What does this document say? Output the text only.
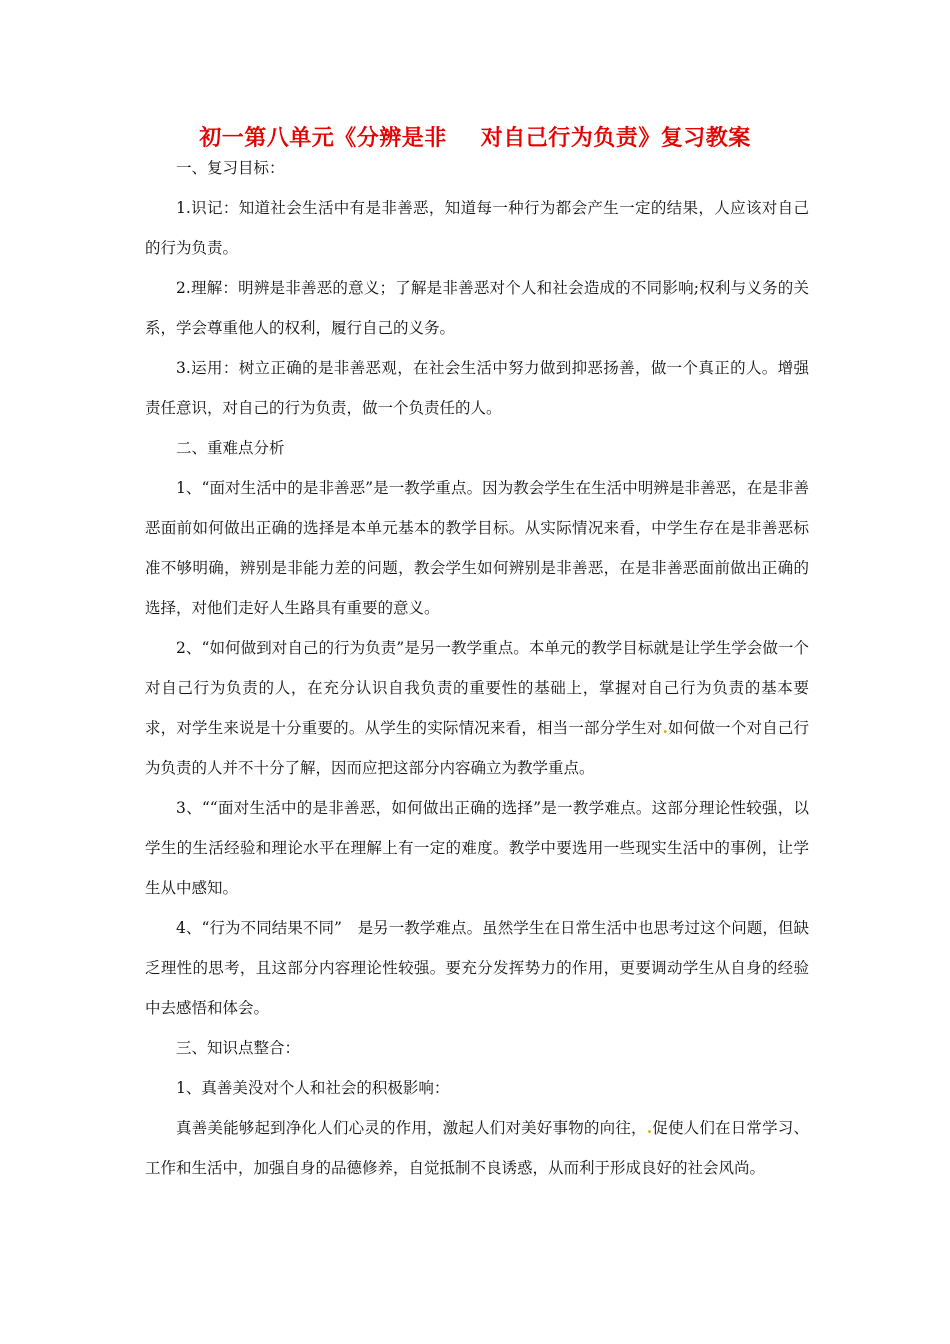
初一第八单元《分辨是非 对自己行为负责》复习教案

一、复习目标：

1.识记：知道社会生活中有是非善恶，知道每一种行为都会产生一定的结果，人应该对自己的行为负责。

2.理解：明辨是非善恶的意义；了解是非善恶对个人和社会造成的不同影响;权利与义务的关系，学会尊重他人的权利，履行自己的义务。

3.运用：树立正确的是非善恶观，在社会生活中努力做到抑恶扬善，做一个真正的人。增强责任意识，对自己的行为负责，做一个负责任的人。

二、重难点分析

1、“面对生活中的是非善恶”是一教学重点。因为教会学生在生活中明辨是非善恶，在是非善恶面前如何做出正确的选择是本单元基本的教学目标。从实际情况来看，中学生存在是非善恶标准不够明确，辨别是非能力差的问题，教会学生如何辨别是非善恶，在是非善恶面前做出正确的选择，对他们走好人生路具有重要的意义。

2、“如何做到对自己的行为负责”是另一教学重点。本单元的教学目标就是让学生学会做一个对自己行为负责的人，在充分认识自我负责的重要性的基础上，掌握对自己行为负责的基本要求，对学生来说是十分重要的。从学生的实际情况来看，相当一部分学生对.如何做一个对自己行为负责的人并不十分了解，因而应把这部分内容确立为教学重点。

3、““面对生活中的是非善恶，如何做出正确的选择”是一教学难点。这部分理论性较强，以学生的生活经验和理论水平在理解上有一定的难度。教学中要选用一些现实生活中的事例，让学生从中感知。

4、“行为不同结果不同”　是另一教学难点。虽然学生在日常生活中也思考过这个问题，但缺乏理性的思考，且这部分内容理论性较强。要充分发挥势力的作用，更要调动学生从自身的经验中去感悟和体会。

三、知识点整合：

1、真善美没对个人和社会的积极影响：

真善美能够起到净化人们心灵的作用，激起人们对美好事物的向往，.促使人们在日常学习、工作和生活中，加强自身的品德修养，自觉抵制不良诱惑，从而利于形成良好的社会风尚。
